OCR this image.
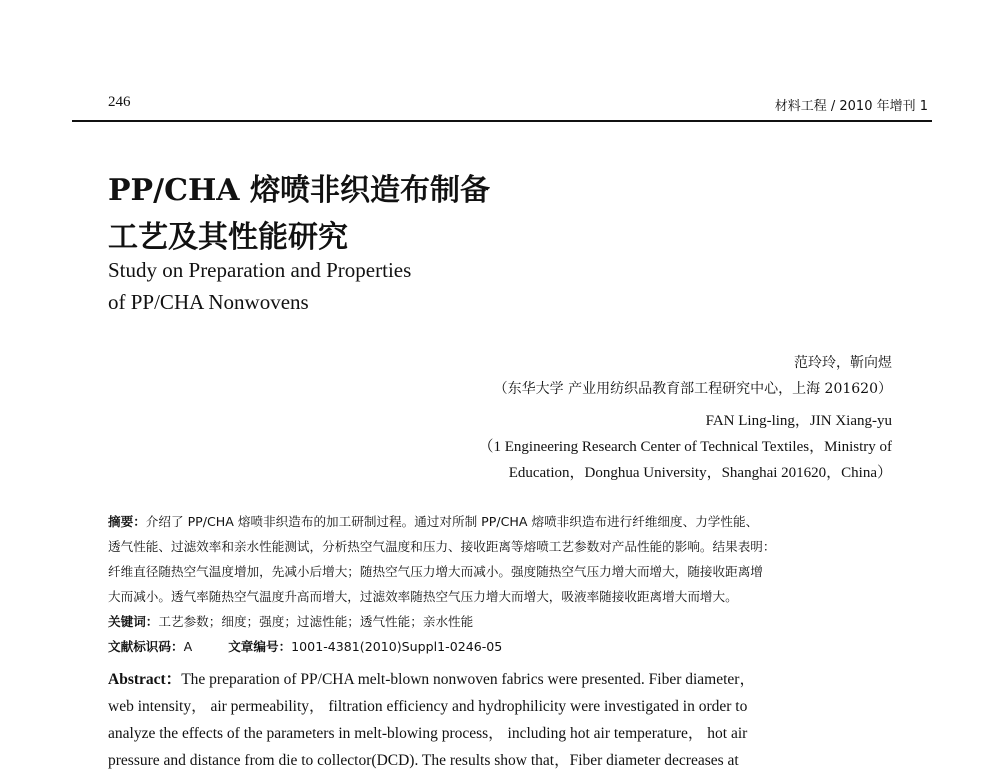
246	材料工程 / 2010 年增刊 1
PP/CHA 熔喷非织造布制备
工艺及其性能研究
Study on Preparation and Properties
of PP/CHA Nonwovens
范玲玲，靳向煜
（东华大学 产业用纺织品教育部工程研究中心，上海 201620）
FAN Ling-ling，JIN Xiang-yu
（1 Engineering Research Center of Technical Textiles，Ministry of
Education，Donghua University，Shanghai 201620，China）
摘要：介绍了 PP/CHA 熔喷非织造布的加工研制过程。通过对所制 PP/CHA 熔喷非织造布进行纤维细度、力学性能、
透气性能、过滤效率和亲水性能测试，分析热空气温度和压力、接收距离等熔喷工艺参数对产品性能的影响。结果表明：
纤维直径随热空气温度增加，先减小后增大；随热空气压力增大而减小。强度随热空气压力增大而增大，随接收距离增
大而减小。透气率随热空气温度升高而增大，过滤效率随热空气压力增大而增大，吸液率随接收距离增大而增大。
关键词：工艺参数；细度；强度；过滤性能；透气性能；亲水性能
文献标识码：A	文章编号：1001-4381(2010)Suppl1-0246-05
Abstract：The preparation of PP/CHA melt-blown nonwoven fabrics were presented. Fiber diameter，
web intensity， air permeability， filtration efficiency and hydrophilicity were investigated in order to
analyze the effects of the parameters in melt-blowing process， including hot air temperature， hot air
pressure and distance from die to collector(DCD). The results show that，Fiber diameter decreases at
